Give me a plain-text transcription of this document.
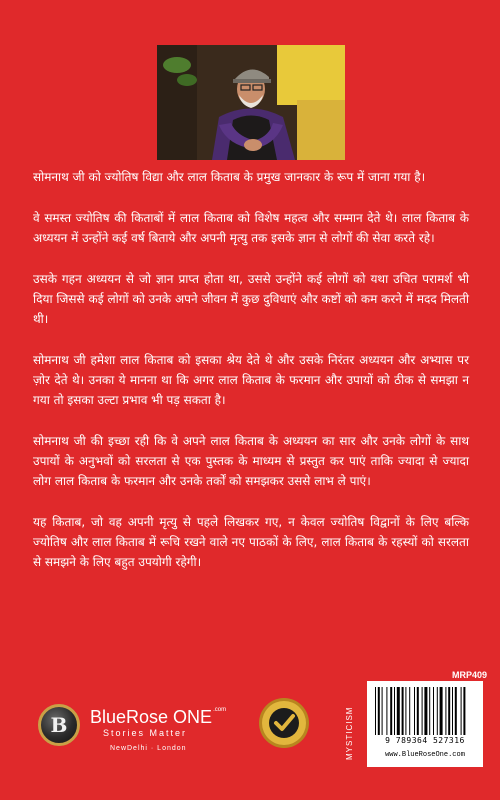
सोमनाथ जी को ज्योतिष विद्या और लाल किताब के प्रमुख जानकार के रूप में जाना गया है।

वे समस्त ज्योतिष की किताबों में लाल किताब को विशेष महत्व और सम्मान देते थे। लाल किताब के अध्ययन में उन्होंने कई वर्ष बिताये और अपनी मृत्यु तक इसके ज्ञान से लोगों की सेवा करते रहे।

उसके गहन अध्ययन से जो ज्ञान प्राप्त होता था, उससे उन्होंने कई लोगों को यथा उचित परामर्श भी दिया जिससे कई लोगों को उनके अपने जीवन में कुछ दुविधाएं और कष्टों को कम करने में मदद मिलती थी।

सोमनाथ जी हमेशा लाल किताब को इसका श्रेय देते थे और उसके निरंतर अध्ययन और अभ्यास पर ज़ोर देते थे। उनका ये मानना था कि अगर लाल किताब के फरमान और उपायों को ठीक से समझा न गया तो इसका उल्टा प्रभाव भी पड़ सकता है।

सोमनाथ जी की इच्छा रही कि वे अपने लाल किताब के अध्ययन का सार और उनके लोगों के साथ उपायों के अनुभवों को सरलता से एक पुस्तक के माध्यम से प्रस्तुत कर पाएं ताकि ज्यादा से ज्यादा लोग लाल किताब के फरमान और उनके तर्कों को समझकर उससे लाभ ले पाएं।

यह किताब, जो वह अपनी मृत्यु से पहले लिखकर गए, न केवल ज्योतिष विद्वानों के लिए बल्कि ज्योतिष और लाल किताब में रूचि रखने वाले नए पाठकों के लिए, लाल किताब के रहस्यों को सरलता से समझने के लिए बहुत उपयोगी रहेगी।

B BlueRose $ONE^{.com}$
Stories Matter
NewDelhi · London	MYSTICISM
MRP409
9 789364 527316
www.BlueRoseOne.com
